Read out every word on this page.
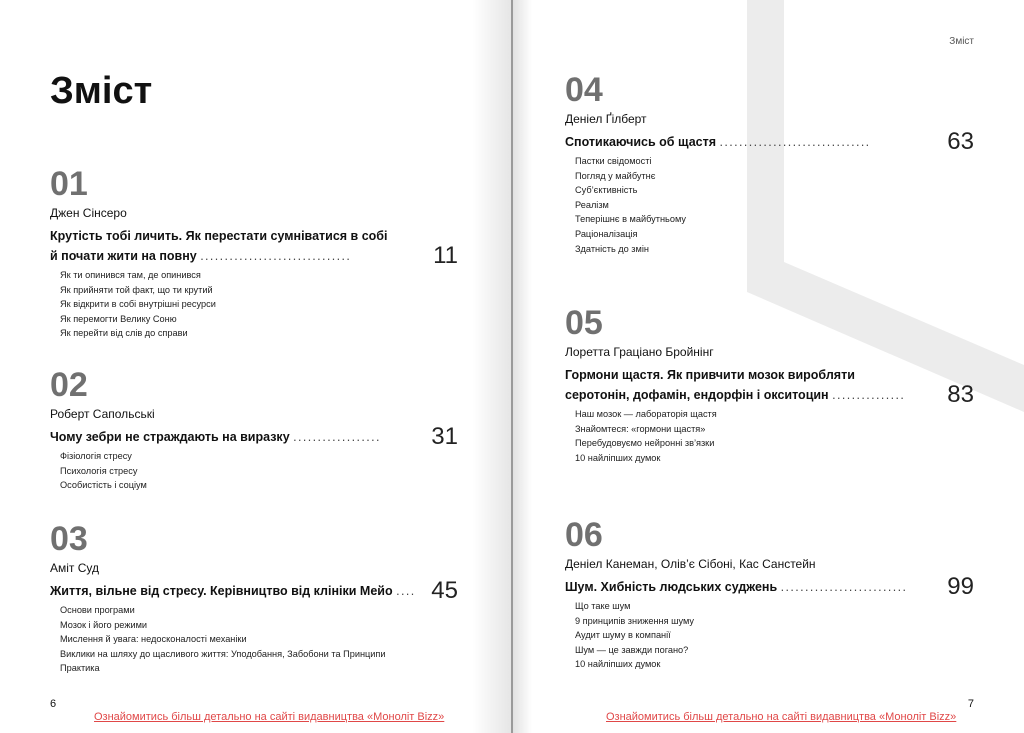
Зміст
01
Джен Сінсеро
Крутість тобі личить. Як перестати сумніватися в собі
й почати жити на повну ...............................	11
Як ти опинився там, де опинився
Як прийняти той факт, що ти крутий
Як відкрити в собі внутрішні ресурси
Як перемогти Велику Соню
Як перейти від слів до справи
02
Роберт Сапольські
Чому зебри не страждають на виразку ..................	31
Фізіологія стресу
Психологія стресу
Особистість і соціум
03
Аміт Суд
Життя, вільне від стресу. Керівництво від клініки Мейо .... 45
Основи програми
Мозок і його режими
Мислення й увага: недосконалості механіки
Виклики на шляху до щасливого життя: Уподобання, Забобони та Принципи
Практика
6
Ознайомитись більш детально на сайті видавництва «Моноліт Bizz»
Зміст
04
Деніел Ґілберт
Спотикаючись об щастя ...............................	63
Пастки свідомості
Погляд у майбутнє
Суб’єктивність
Реалізм
Теперішнє в майбутньому
Раціоналізація
Здатність до змін
05
Лоретта Граціано Бройнінг
Гормони щастя. Як привчити мозок виробляти
серотонін, дофамін, ендорфін і окситоцин ...............	83
Наш мозок — лабораторія щастя
Знайомтеся: «гормони щастя»
Перебудовуємо нейронні зв’язки
10 найліпших думок
06
Деніел Канеман, Олів’є Сібоні, Кас Санстейн
Шум. Хибність людських суджень ..........................	99
Що таке шум
9 принципів зниження шуму
Аудит шуму в компанії
Шум — це завжди погано?
10 найліпших думок
7
Ознайомитись більш детально на сайті видавництва «Моноліт Bizz»
